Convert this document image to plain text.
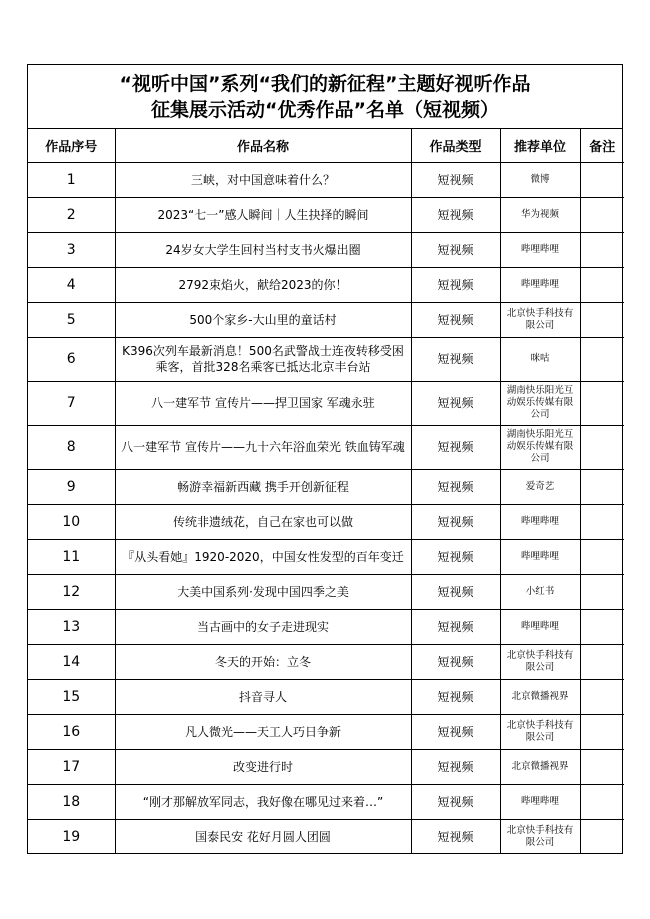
“视听中国”系列“我们的新征程”主题好视听作品
征集展示活动“优秀作品”名单（短视频）
作品序号	作品名称	作品类型	推荐单位	备注
1	三峡，对中国意味着什么？	短视频	微博	
2	2023“七一”感人瞬间｜人生抉择的瞬间	短视频	华为视频	
3	24岁女大学生回村当村支书火爆出圈	短视频	哔哩哔哩	
4	2792束焰火，献给2023的你！	短视频	哔哩哔哩	
5	500个家乡-大山里的童话村	短视频	北京快手科技有限公司	
6	K396次列车最新消息！500名武警战士连夜转移受困乘客，首批328名乘客已抵达北京丰台站	短视频	咪咕	
7	八一建军节 宣传片——捍卫国家 军魂永驻	短视频	湖南快乐阳光互动娱乐传媒有限公司	
8	八一建军节 宣传片——九十六年浴血荣光 铁血铸军魂	短视频	湖南快乐阳光互动娱乐传媒有限公司	
9	畅游幸福新西藏 携手开创新征程	短视频	爱奇艺	
10	传统非遗绒花，自己在家也可以做	短视频	哔哩哔哩	
11	『从头看她』1920-2020，中国女性发型的百年变迁	短视频	哔哩哔哩	
12	大美中国系列·发现中国四季之美	短视频	小红书	
13	当古画中的女子走进现实	短视频	哔哩哔哩	
14	冬天的开始：立冬	短视频	北京快手科技有限公司	
15	抖音寻人	短视频	北京微播视界	
16	凡人微光——天工人巧日争新	短视频	北京快手科技有限公司	
17	改变进行时	短视频	北京微播视界	
18	“刚才那解放军同志，我好像在哪见过来着…”	短视频	哔哩哔哩	
19	国泰民安 花好月圆人团圆	短视频	北京快手科技有限公司	
